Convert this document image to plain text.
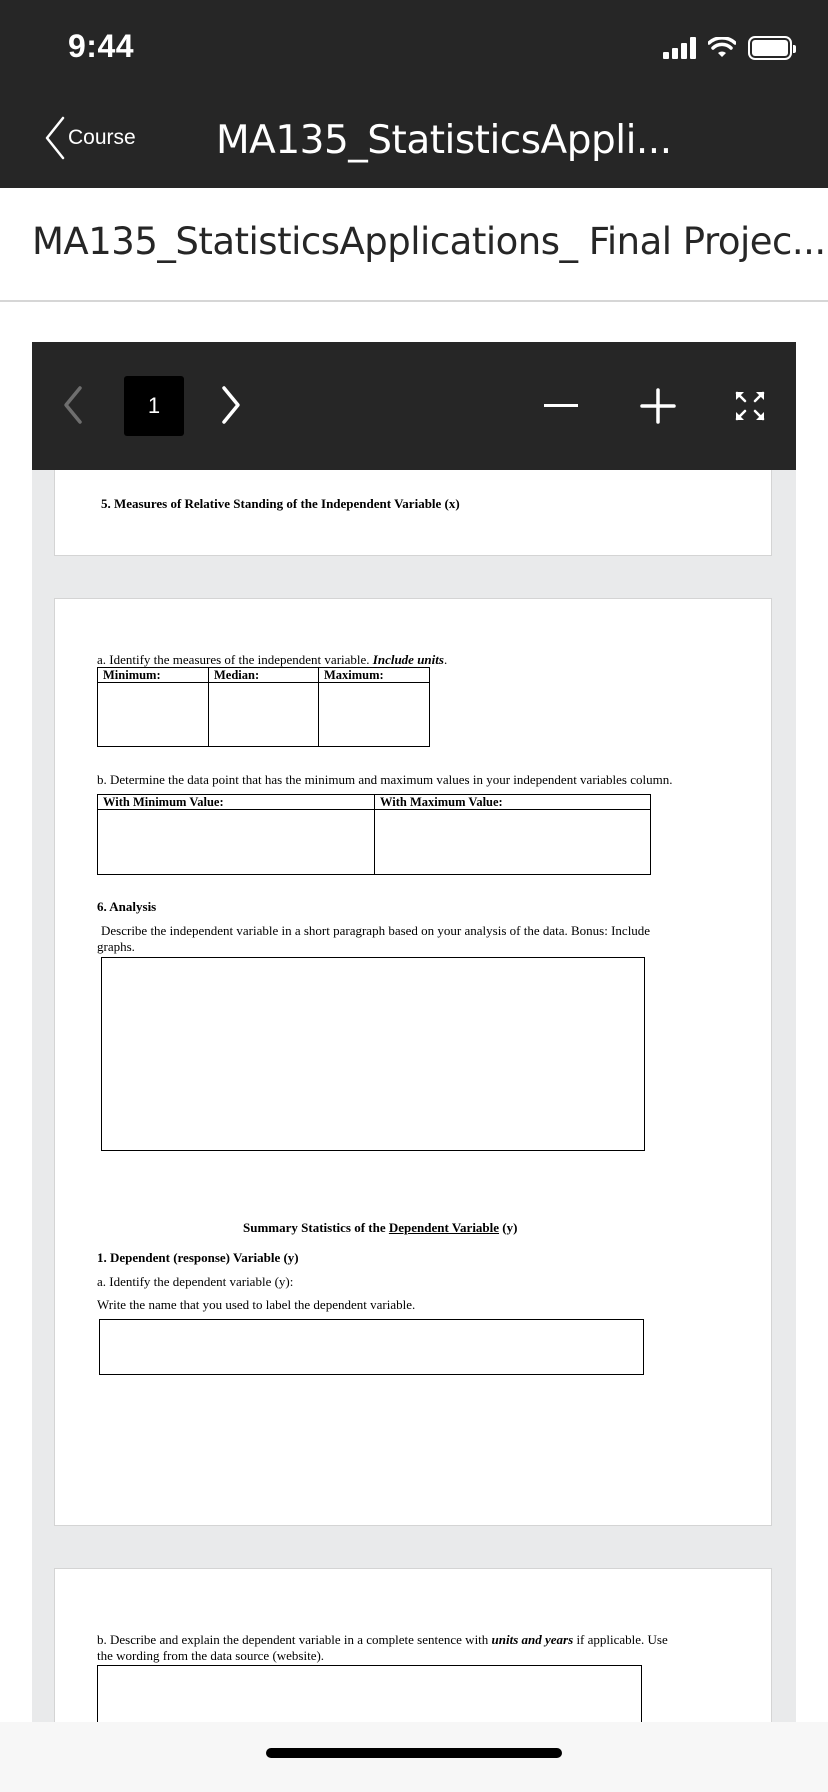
9:44
Course MA135_StatisticsAppli...
MA135_StatisticsApplications_ Final Projec...
1
5. Measures of Relative Standing of the Independent Variable (x)
a. Identify the measures of the independent variable. Include units.
Minimum:	Median:	Maximum:
b. Determine the data point that has the minimum and maximum values in your independent variables column.
With Minimum Value:	With Maximum Value:
6. Analysis
Describe the independent variable in a short paragraph based on your analysis of the data. Bonus: Include
graphs.
Summary Statistics of the Dependent Variable (y)
1. Dependent (response) Variable (y)
a. Identify the dependent variable (y):
Write the name that you used to label the dependent variable.
b. Describe and explain the dependent variable in a complete sentence with units and years if applicable. Use
the wording from the data source (website).
